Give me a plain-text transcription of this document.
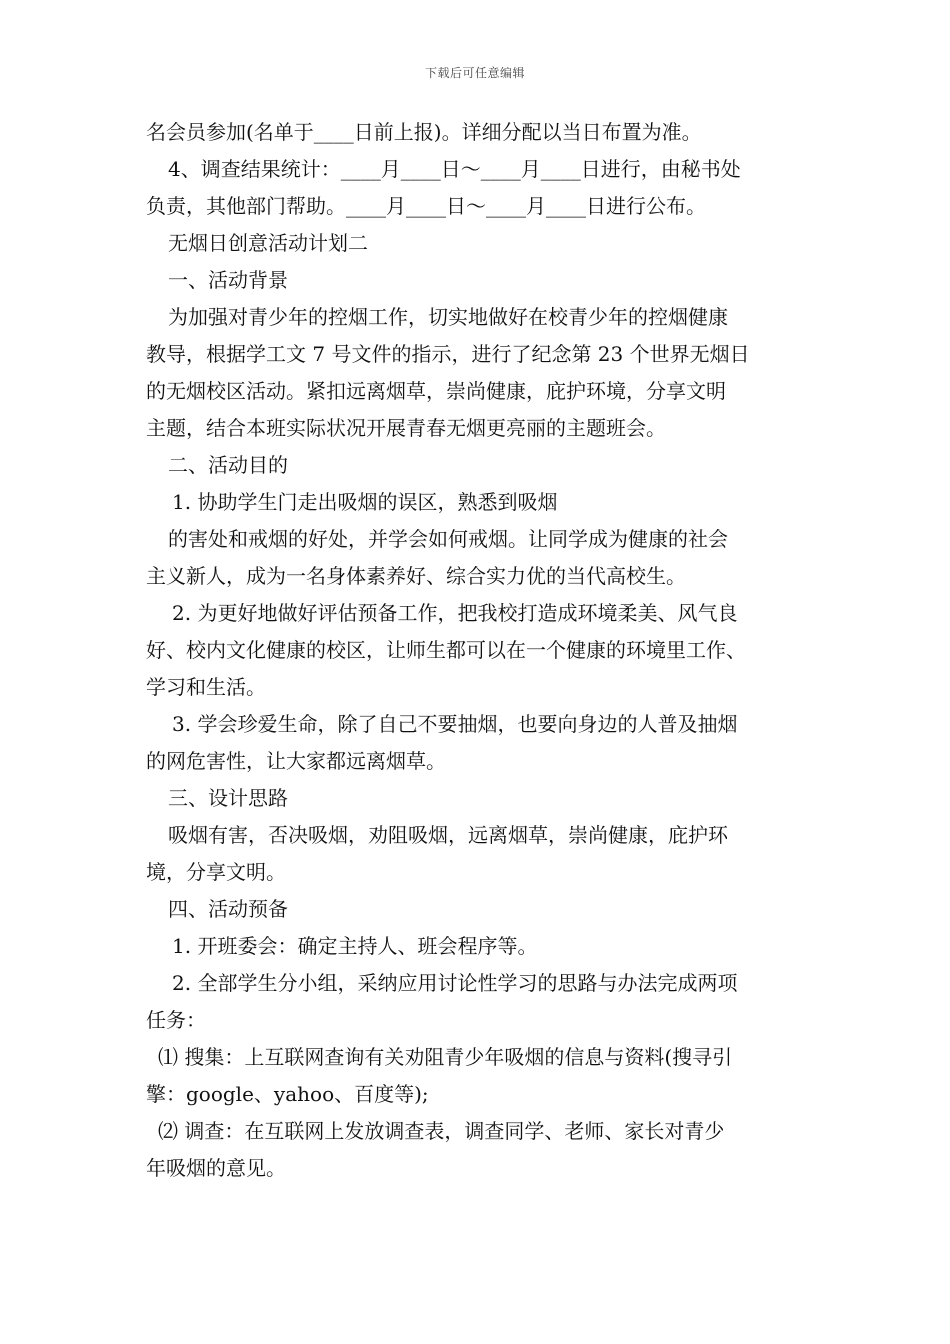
下载后可任意编辑
名会员参加(名单于____日前上报)。详细分配以当日布置为准。
4、调查结果统计：____月____日～____月____日进行，由秘书处
负责，其他部门帮助。____月____日～____月____日进行公布。
无烟日创意活动计划二
一、活动背景
为加强对青少年的控烟工作，切实地做好在校青少年的控烟健康
教导，根据学工文 7 号文件的指示，进行了纪念第 23 个世界无烟日
的无烟校区活动。紧扣远离烟草，崇尚健康，庇护环境，分享文明
主题，结合本班实际状况开展青春无烟更亮丽的主题班会。
二、活动目的
1. 协助学生门走出吸烟的误区，熟悉到吸烟
的害处和戒烟的好处，并学会如何戒烟。让同学成为健康的社会
主义新人，成为一名身体素养好、综合实力优的当代高校生。
2. 为更好地做好评估预备工作，把我校打造成环境柔美、风气良
好、校内文化健康的校区，让师生都可以在一个健康的环境里工作、
学习和生活。
3. 学会珍爱生命，除了自己不要抽烟，也要向身边的人普及抽烟
的网危害性，让大家都远离烟草。
三、设计思路
吸烟有害，否决吸烟，劝阻吸烟，远离烟草，崇尚健康，庇护环
境，分享文明。
四、活动预备
1. 开班委会：确定主持人、班会程序等。
2. 全部学生分小组，采纳应用讨论性学习的思路与办法完成两项
任务：
⑴ 搜集：上互联网查询有关劝阻青少年吸烟的信息与资料(搜寻引
擎：google、yahoo、百度等);
⑵ 调查：在互联网上发放调查表，调查同学、老师、家长对青少
年吸烟的意见。
